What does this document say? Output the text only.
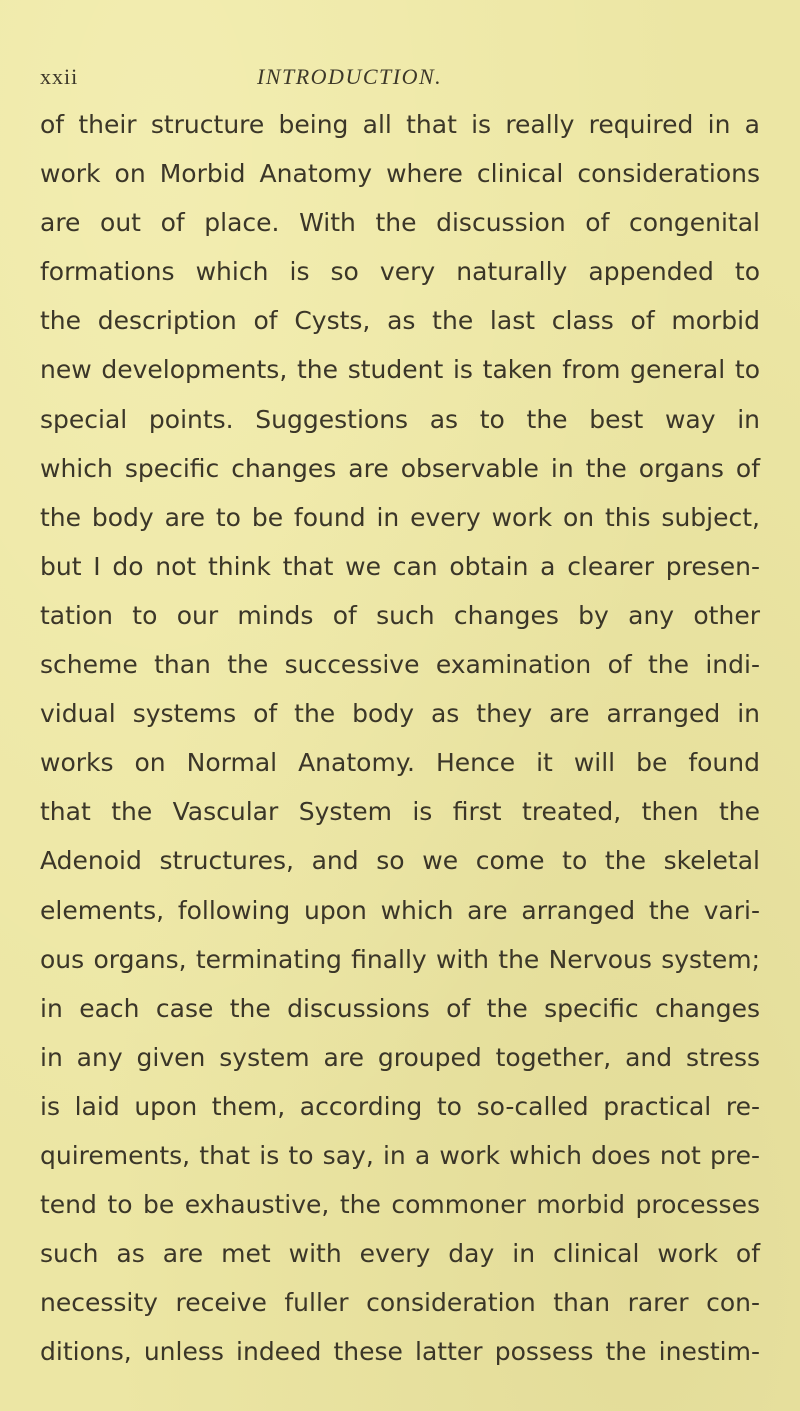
xxii	INTRODUCTION.
of their structure being all that is really required in a
work on Morbid Anatomy where clinical considerations
are out of place. With the discussion of congenital
formations which is so very naturally appended to
the description of Cysts, as the last class of morbid
new developments, the student is taken from general to
special points. Suggestions as to the best way in
which specific changes are observable in the organs of
the body are to be found in every work on this subject,
but I do not think that we can obtain a clearer presen-
tation to our minds of such changes by any other
scheme than the successive examination of the indi-
vidual systems of the body as they are arranged in
works on Normal Anatomy. Hence it will be found
that the Vascular System is first treated, then the
Adenoid structures, and so we come to the skeletal
elements, following upon which are arranged the vari-
ous organs, terminating finally with the Nervous system;
in each case the discussions of the specific changes
in any given system are grouped together, and stress
is laid upon them, according to so-called practical re-
quirements, that is to say, in a work which does not pre-
tend to be exhaustive, the commoner morbid processes
such as are met with every day in clinical work of
necessity receive fuller consideration than rarer con-
ditions, unless indeed these latter possess the inestim-
